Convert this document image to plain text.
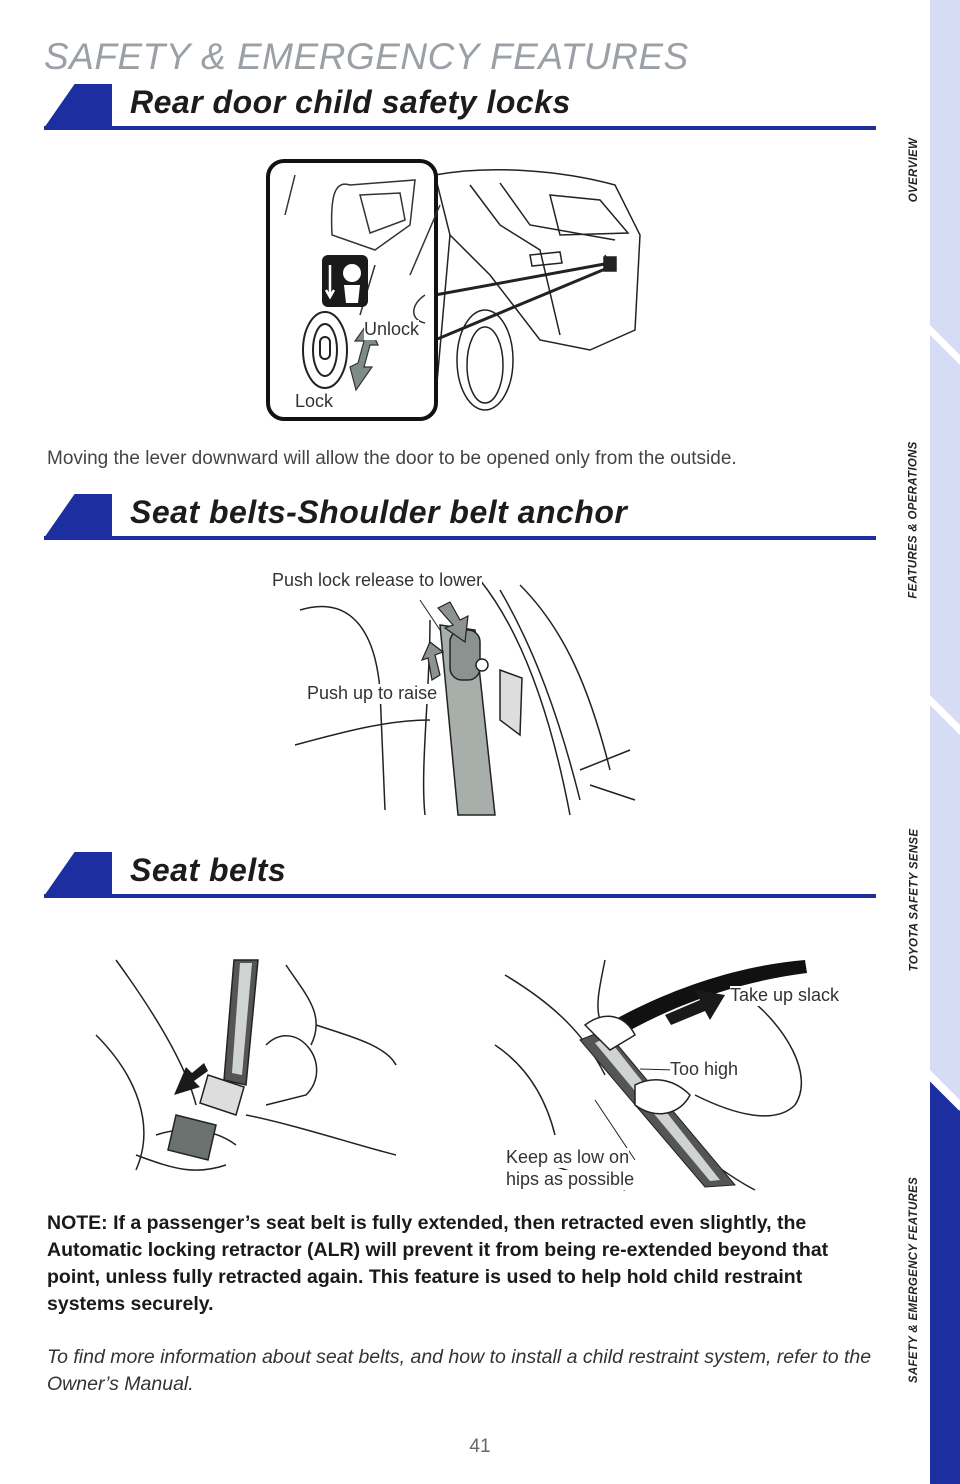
SAFETY & EMERGENCY FEATURES
Rear door child safety locks
Unlock
Lock
Moving the lever downward will allow the door to be opened only from the outside.
Seat belts-Shoulder belt anchor
Push lock release to lower
Push up to raise
Seat belts
Take up slack
Too high
Keep as low on
hips as possible
NOTE: If a passenger’s seat belt is fully extended, then retracted even slightly, the Automatic locking retractor (ALR) will prevent it from being re-extended beyond that point, unless fully retracted again. This feature is used to help hold child restraint systems securely.
To find more information about seat belts, and how to install a child restraint system, refer to the Owner’s Manual.
41
OVERVIEW
FEATURES & OPERATIONS
TOYOTA SAFETY SENSE
SAFETY & EMERGENCY FEATURES
